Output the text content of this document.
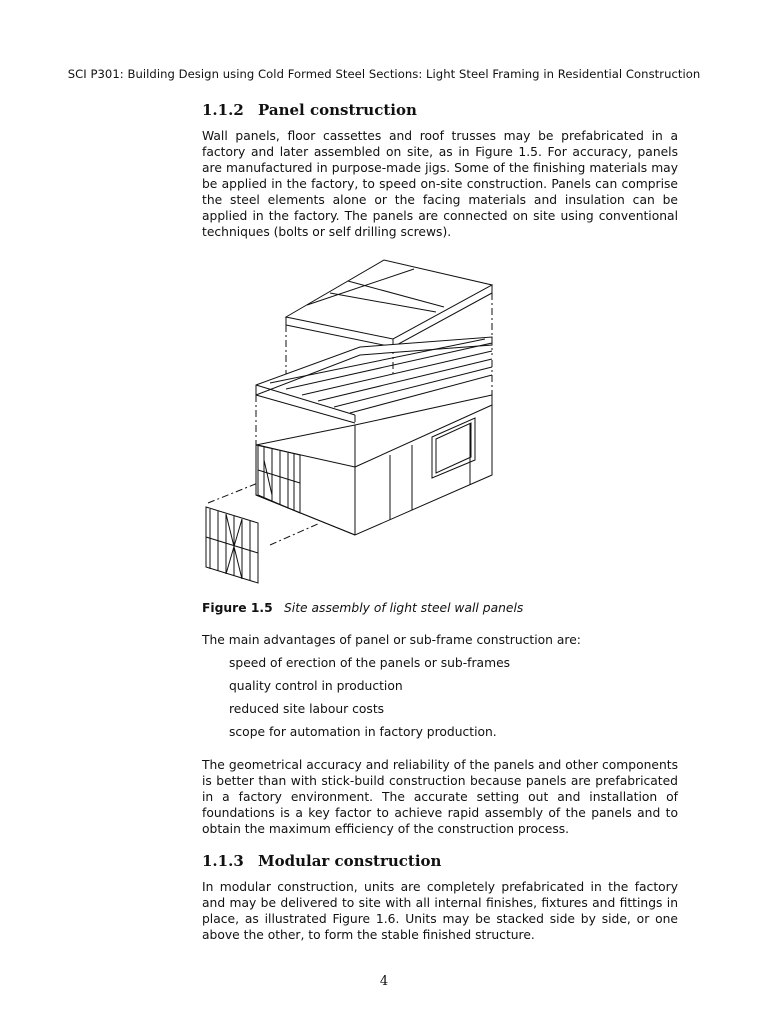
SCI P301: Building Design using Cold Formed Steel Sections: Light Steel Framing in Residential Construction
1.1.2 Panel construction
Wall panels, floor cassettes and roof trusses may be prefabricated in a factory and later assembled on site, as in Figure 1.5. For accuracy, panels are manufactured in purpose-made jigs. Some of the finishing materials may be applied in the factory, to speed on-site construction. Panels can comprise the steel elements alone or the facing materials and insulation can be applied in the factory. The panels are connected on site using conventional techniques (bolts or self drilling screws).
Figure 1.5 Site assembly of light steel wall panels
The main advantages of panel or sub-frame construction are:
speed of erection of the panels or sub-frames
quality control in production
reduced site labour costs
scope for automation in factory production.
The geometrical accuracy and reliability of the panels and other components is better than with stick-build construction because panels are prefabricated in a factory environment. The accurate setting out and installation of foundations is a key factor to achieve rapid assembly of the panels and to obtain the maximum efficiency of the construction process.
1.1.3 Modular construction
In modular construction, units are completely prefabricated in the factory and may be delivered to site with all internal finishes, fixtures and fittings in place, as illustrated Figure 1.6. Units may be stacked side by side, or one above the other, to form the stable finished structure.
4
